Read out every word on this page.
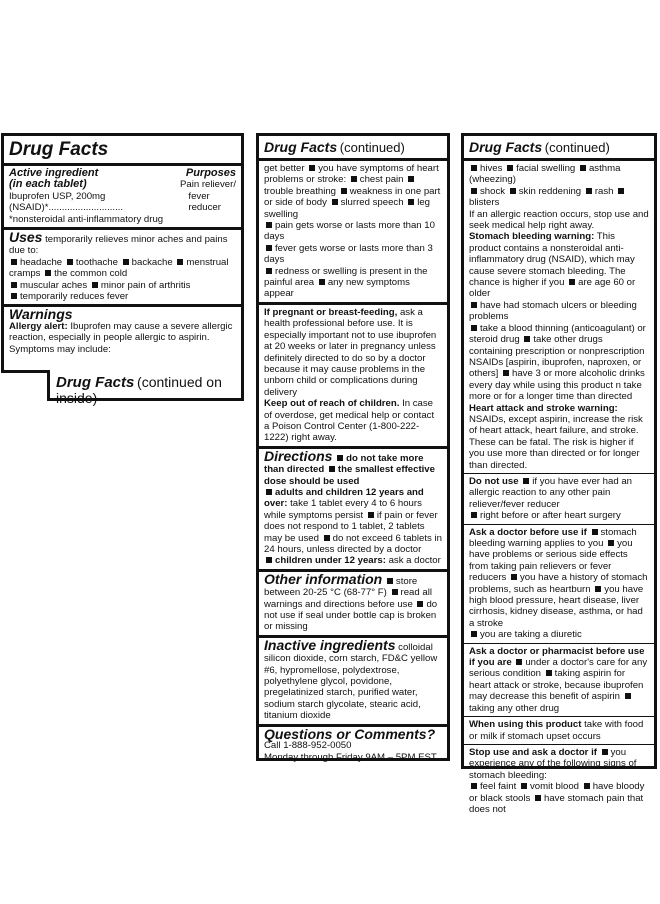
Drug Facts
Active ingredient	Purposes
(in each tablet)	Pain reliever/
Ibuprofen USP, 200mg (NSAID)*............................
fever reducer
*nonsteroidal anti-inflammatory drug
Uses temporarily relieves minor aches and pains due to:
headache toothache backache menstrual cramps the common cold
muscular aches minor pain of arthritis
temporarily reduces fever
Warnings
Allergy alert: Ibuprofen may cause a severe allergic reaction, especially in people allergic to aspirin. Symptoms may include:
Drug Facts (continued on inside)
Drug Facts (continued)
get better you have symptoms of heart problems or stroke: chest pain trouble breathing weakness in one part or side of body slurred speech leg swelling
pain gets worse or lasts more than 10 days
fever gets worse or lasts more than 3 days
redness or swelling is present in the painful area any new symptoms appear
If pregnant or breast-feeding, ask a health professional before use. It is especially important not to use ibuprofen at 20 weeks or later in pregnancy unless definitely directed to do so by a doctor because it may cause problems in the unborn child or complications during delivery
Keep out of reach of children. In case of overdose, get medical help or contact a Poison Control Center (1-800-222-1222) right away.
Directions do not take more than directed the smallest effective dose should be used
adults and children 12 years and over: take 1 tablet every 4 to 6 hours while symptoms persist if pain or fever does not respond to 1 tablet, 2 tablets may be used do not exceed 6 tablets in 24 hours, unless directed by a doctor
children under 12 years: ask a doctor
Other information store between 20-25 °C (68-77° F) read all warnings and directions before use do not use if seal under bottle cap is broken or missing
Inactive ingredients colloidal silicon dioxide, corn starch, FD&C yellow #6, hypromellose, polydextrose, polyethylene glycol, povidone, pregelatinized starch, purified water, sodium starch glycolate, stearic acid, titanium dioxide
Questions or Comments?
Call 1-888-952-0050
Monday through Friday 9AM – 5PM EST
Drug Facts (continued)
hives facial swelling asthma (wheezing)
shock skin reddening rash blisters
If an allergic reaction occurs, stop use and seek medical help right away.
Stomach bleeding warning: This product contains a nonsteroidal anti-inflammatory drug (NSAID), which may cause severe stomach bleeding. The chance is higher if you are age 60 or older
have had stomach ulcers or bleeding problems
take a blood thinning (anticoagulant) or steroid drug take other drugs containing prescription or nonprescription NSAIDs [aspirin, ibuprofen, naproxen, or others] have 3 or more alcoholic drinks every day while using this product n take more or for a longer time than directed
Heart attack and stroke warning: NSAIDs, except aspirin, increase the risk of heart attack, heart failure, and stroke. These can be fatal. The risk is higher if you use more than directed or for longer than directed.
Do not use if you have ever had an allergic reaction to any other pain reliever/fever reducer
right before or after heart surgery
Ask a doctor before use if stomach bleeding warning applies to you you have problems or serious side effects from taking pain relievers or fever reducers you have a history of stomach problems, such as heartburn you have high blood pressure, heart disease, liver cirrhosis, kidney disease, asthma, or had a stroke
you are taking a diuretic
Ask a doctor or pharmacist before use if you are under a doctor's care for any serious condition taking aspirin for heart attack or stroke, because ibuprofen may decrease this benefit of aspirin taking any other drug
When using this product take with food or milk if stomach upset occurs
Stop use and ask a doctor if you experience any of the following signs of stomach bleeding:
feel faint vomit blood have bloody or black stools have stomach pain that does not
